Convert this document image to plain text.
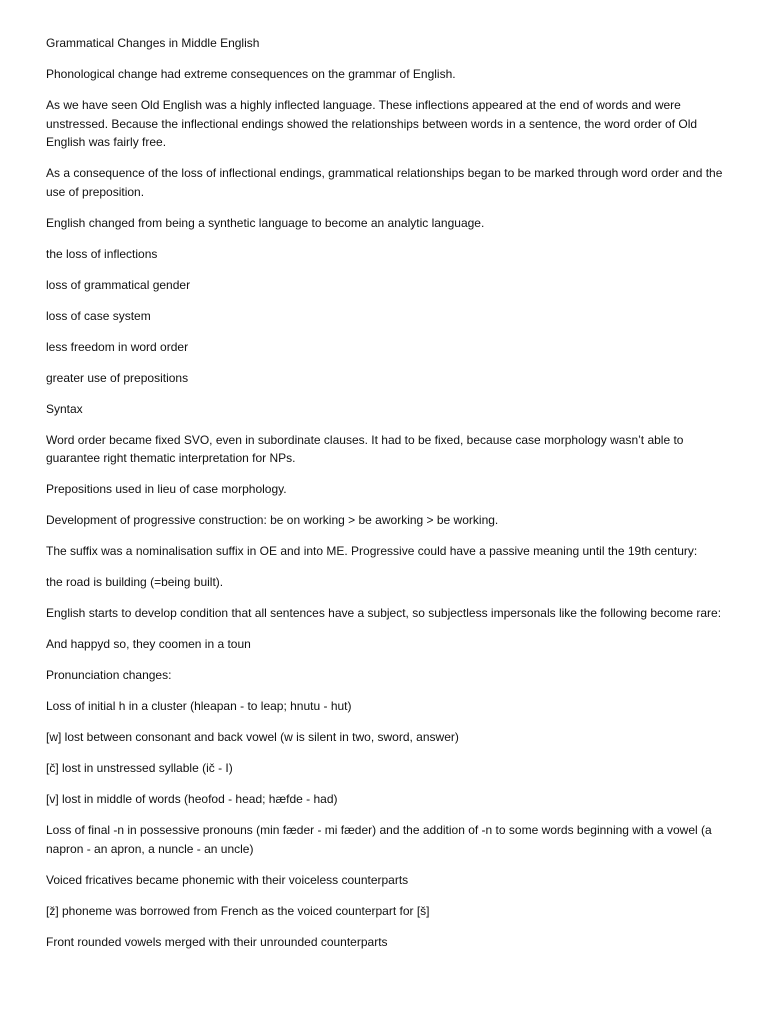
Grammatical Changes in Middle English

Phonological change had extreme consequences on the grammar of English.

As we have seen Old English was a highly inflected language. These inflections appeared at the end of words and were unstressed. Because the inflectional endings showed the relationships between words in a sentence, the word order of Old English was fairly free.

As a consequence of the loss of inflectional endings, grammatical relationships began to be marked through word order and the use of preposition.

English changed from being a synthetic language to become an analytic language.

the loss of inflections

loss of grammatical gender

loss of case system

less freedom in word order

greater use of prepositions

Syntax

Word order became fixed SVO, even in subordinate clauses. It had to be fixed, because case morphology wasn’t able to guarantee right thematic interpretation for NPs.

Prepositions used in lieu of case morphology.

Development of progressive construction: be on working > be aworking > be working.

The suffix was a nominalisation suffix in OE and into ME. Progressive could have a passive meaning until the 19th century:

the road is building (=being built).

English starts to develop condition that all sentences have a subject, so subjectless impersonals like the following become rare:

And happyd so, they coomen in a toun

Pronunciation changes:

Loss of initial h in a cluster (hleapan - to leap; hnutu - hut)

[w] lost between consonant and back vowel (w is silent in two, sword, answer)

[č] lost in unstressed syllable (ič - I)

[v] lost in middle of words (heofod - head; hæfde - had)

Loss of final -n in possessive pronouns (min fæder - mi fæder) and the addition of -n to some words beginning with a vowel (a napron - an apron, a nuncle - an uncle)

Voiced fricatives became phonemic with their voiceless counterparts

[ž] phoneme was borrowed from French as the voiced counterpart for [š]

Front rounded vowels merged with their unrounded counterparts
